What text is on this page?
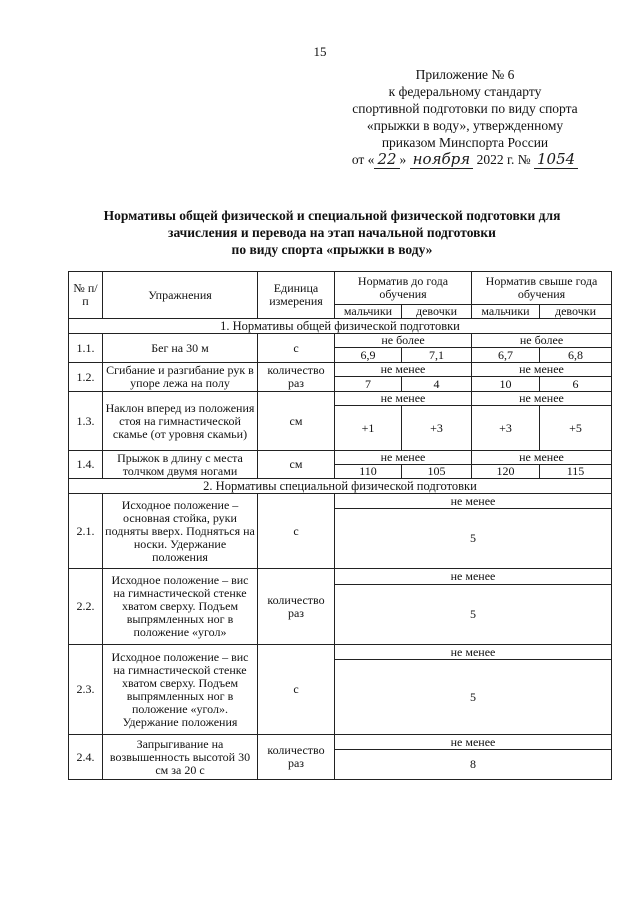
15
Приложение № 6
к федеральному стандарту
спортивной подготовки по виду спорта
«прыжки в воду», утвержденному
приказом Минспорта России
от « 22 » ноября 2022 г. № 1054
Нормативы общей физической и специальной физической подготовки для
зачисления и перевода на этап начальной подготовки
по виду спорта «прыжки в воду»
№ п/п	Упражнения	Единица измерения	Норматив до года обучения		Норматив свыше года обучения	
			мальчики	девочки	мальчики	девочки
1. Нормативы общей физической подготовки						
1.1.	Бег на 30 м	с	не более		не более	
			6,9	7,1	6,7	6,8
1.2.	Сгибание и разгибание рук в упоре лежа на полу	количество раз	не менее		не менее	
			7	4	10	6
1.3.	Наклон вперед из положения стоя на гимнастической скамье (от уровня скамьи)	см	не менее		не менее	
			+1	+3	+3	+5
1.4.	Прыжок в длину с места толчком двумя ногами	см	не менее		не менее	
			110	105	120	115
2. Нормативы специальной физической подготовки						
2.1.	Исходное положение – основная стойка, руки подняты вверх. Подняться на носки. Удержание положения	с	не менее			
			5			
2.2.	Исходное положение – вис на гимнастической стенке хватом сверху. Подъем выпрямленных ног в положение «угол»	количество раз	не менее			
			5			
2.3.	Исходное положение – вис на гимнастической стенке хватом сверху. Подъем выпрямленных ног в положение «угол». Удержание положения	с	не менее			
			5			
2.4.	Запрыгивание на возвышенность высотой 30 см за 20 с	количество раз	не менее			
			8			
